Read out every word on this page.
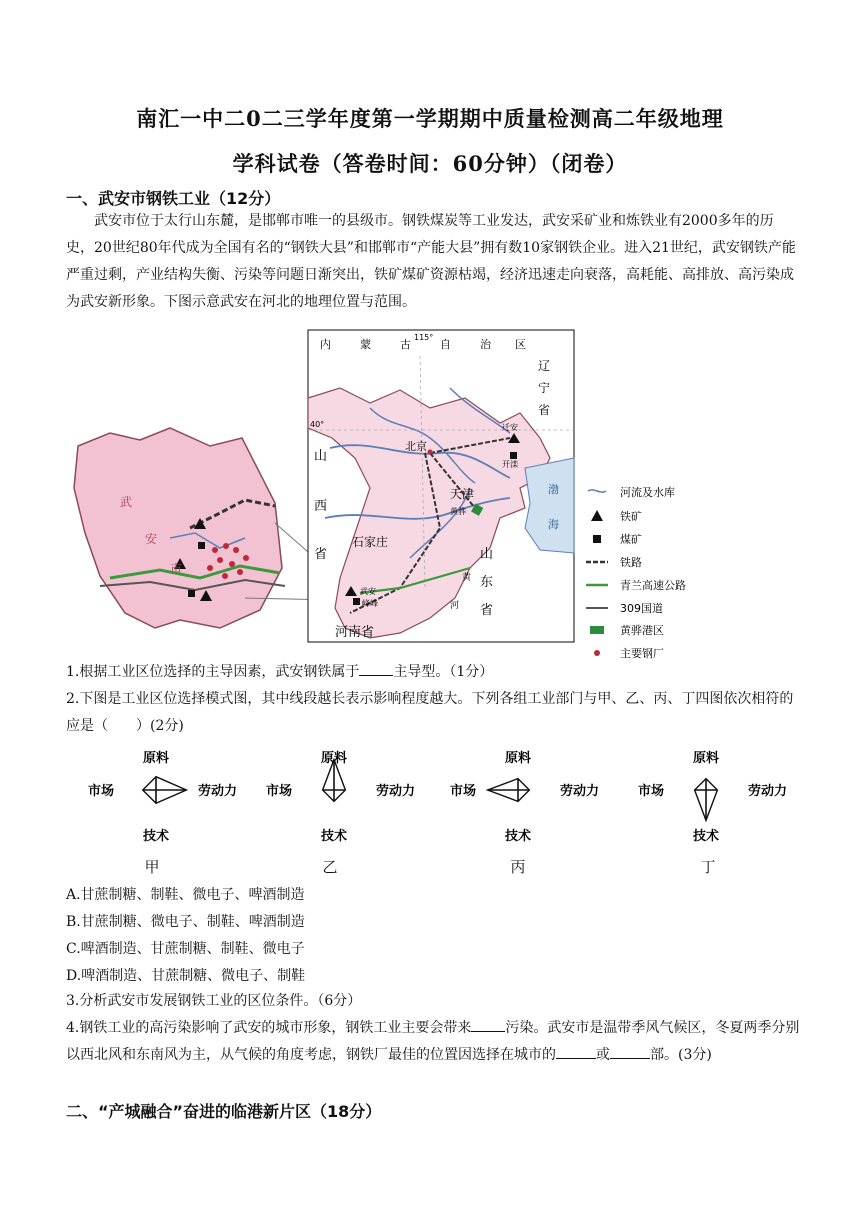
南汇一中二0二三学年度第一学期期中质量检测高二年级地理
学科试卷（答卷时间：60分钟）（闭卷）
一、武安市钢铁工业（12分）
武安市位于太行山东麓，是邯郸市唯一的县级市。钢铁煤炭等工业发达，武安采矿业和炼铁业有2000多年的历史，20世纪80年代成为全国有名的“钢铁大县”和邯郸市“产能大县”拥有数10家钢铁企业。进入21世纪，武安钢铁产能严重过剩，产业结构失衡、污染等问题日渐突出，铁矿煤矿资源枯竭，经济迅速走向衰落，高耗能、高排放、高污染成为武安新形象。下图示意武安在河北的地理位置与范围。
武
安
市
115°
40°
内	蒙	古	自	治 区
辽
宁
省
北京
迁安
开滦
山
西
省
天津
黄骅
渤
海
石家庄
山
东
省
武安
峰峰
河南省
黄
河
河流及水库
铁矿
煤矿
铁路
青兰高速公路
309国道
黄骅港区
主要钢厂
1.根据工业区位选择的主导因素，武安钢铁属于 主导型。（1分）
2.下图是工业区位选择模式图，其中线段越长表示影响程度越大。下列各组工业部门与甲、乙、丙、丁四图依次相符的应是（　　）(2分)
原料
市场	劳动力
技术
原料
市场	劳动力
技术
原料
市场	劳动力
技术
原料
市场	劳动力
技术
甲	乙	丙	丁
A.甘蔗制糖、制鞋、微电子、啤酒制造
B.甘蔗制糖、微电子、制鞋、啤酒制造
C.啤酒制造、甘蔗制糖、制鞋、微电子
D.啤酒制造、甘蔗制糖、微电子、制鞋
3.分析武安市发展钢铁工业的区位条件。（6分）
4.钢铁工业的高污染影响了武安的城市形象，钢铁工业主要会带来 污染。武安市是温带季风气候区，冬夏两季分别以西北风和东南风为主，从气候的角度考虑，钢铁厂最佳的位置因选择在城市的	或	部。(3分)
二、“产城融合”奋进的临港新片区（18分）
